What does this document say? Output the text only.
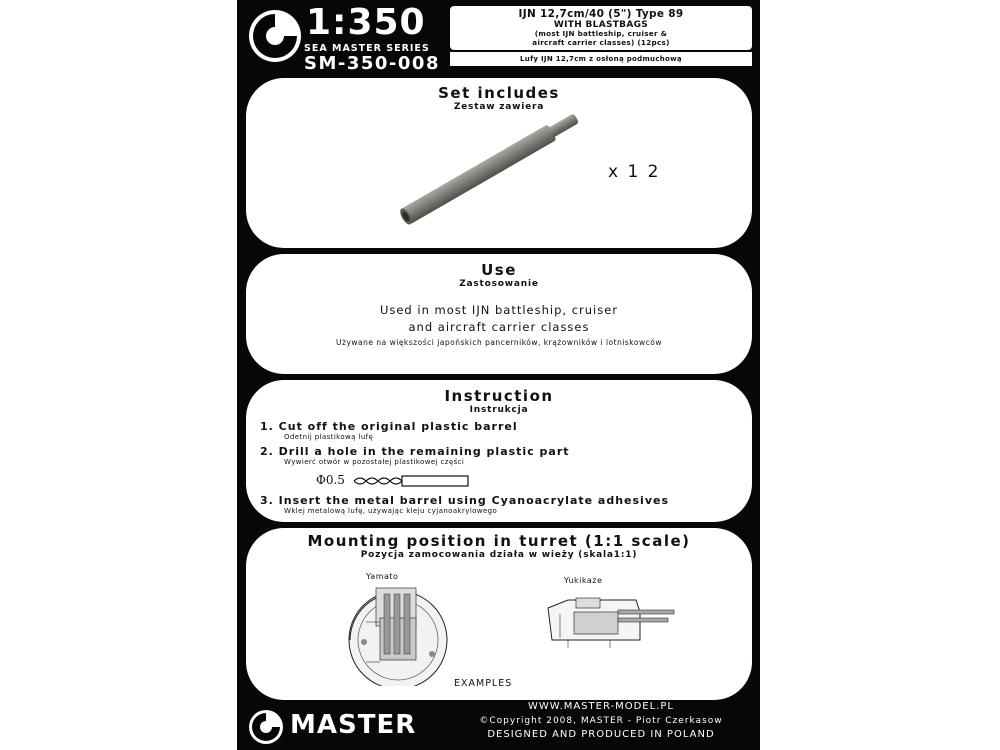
1:350
SEA MASTER SERIES
SM-350-008
IJN 12,7cm/40 (5") Type 89
WITH BLASTBAGS
(most IJN battleship, cruiser &
aircraft carrier classes) (12pcs)
Lufy IJN 12,7cm z osłoną podmuchową
Set includes
Zestaw zawiera
x 1 2
Use
Zastosowanie
Used in most IJN battleship, cruiser
and aircraft carrier classes
Używane na większości japońskich pancerników, krążowników i lotniskowców
Instruction
Instrukcja
1. Cut off the original plastic barrel
Odetnij plastikową lufę
2. Drill a hole in the remaining plastic part
Wywierć otwór w pozostałej plastikowej części
Φ0.5
3. Insert the metal barrel using Cyanoacrylate adhesives
Wklej metalową lufę, używając kleju cyjanoakrylowego
Mounting position in turret (1:1 scale)
Pozycja zamocowania działa w wieży (skala1:1)
Yamato	Yukikaze
EXAMPLES
MASTER
WWW.MASTER-MODEL.PL
©Copyright 2008, MASTER - Piotr Czerkasow
DESIGNED AND PRODUCED IN POLAND
